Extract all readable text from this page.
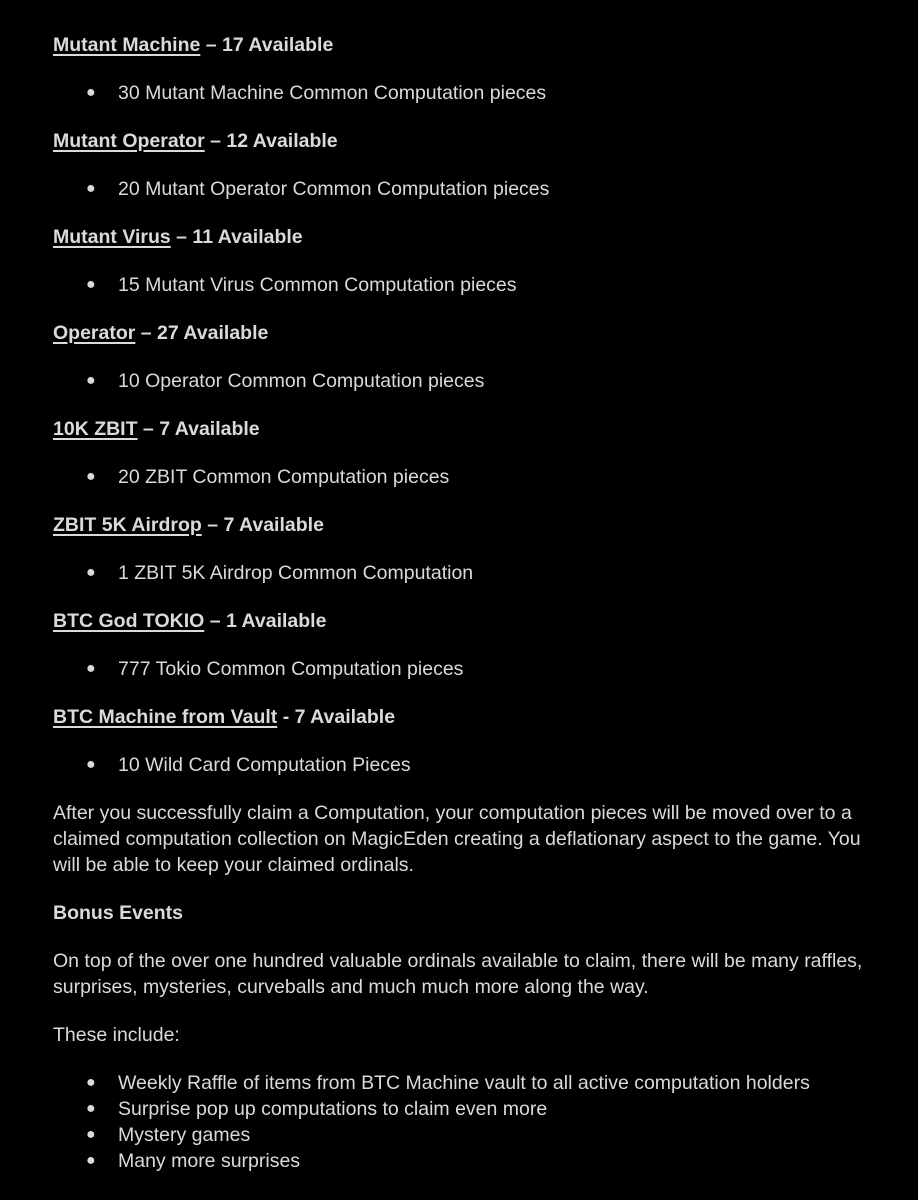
Mutant Machine – 17 Available

● 30 Mutant Machine Common Computation pieces

Mutant Operator – 12 Available

● 20 Mutant Operator Common Computation pieces

Mutant Virus – 11 Available

● 15 Mutant Virus Common Computation pieces

Operator – 27 Available

● 10 Operator Common Computation pieces

10K ZBIT – 7 Available

● 20 ZBIT Common Computation pieces

ZBIT 5K Airdrop – 7 Available

● 1 ZBIT 5K Airdrop Common Computation

BTC God TOKIO – 1 Available

● 777 Tokio Common Computation pieces

BTC Machine from Vault - 7 Available

● 10 Wild Card Computation Pieces

After you successfully claim a Computation, your computation pieces will be moved over to a claimed computation collection on MagicEden creating a deflationary aspect to the game. You will be able to keep your claimed ordinals.

Bonus Events

On top of the over one hundred valuable ordinals available to claim, there will be many raffles, surprises, mysteries, curveballs and much much more along the way.

These include:

● Weekly Raffle of items from BTC Machine vault to all active computation holders
● Surprise pop up computations to claim even more
● Mystery games
● Many more surprises
